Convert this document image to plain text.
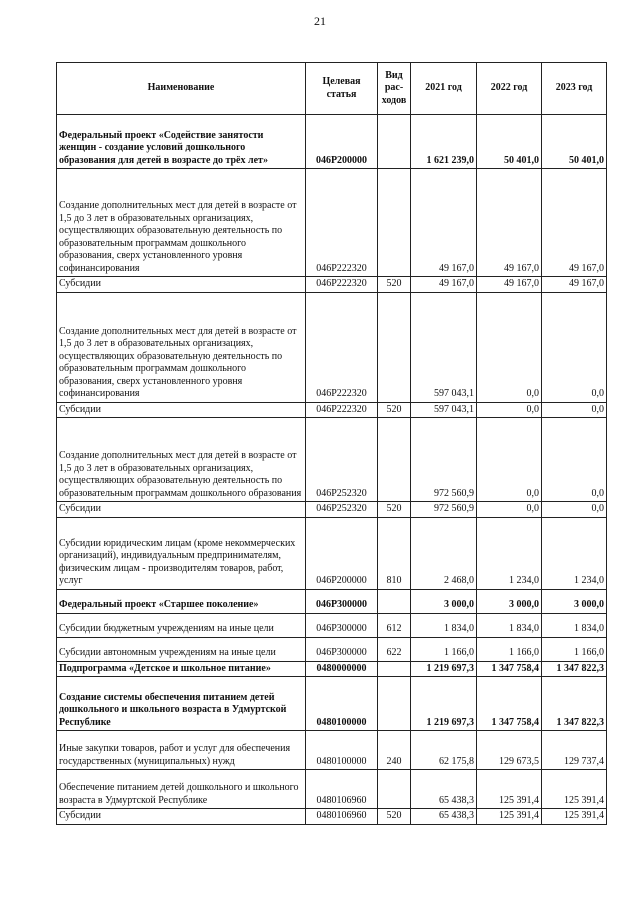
21
Наименование	Целевая статья	Вид рас-ходов	2021 год	2022 год	2023 год
Федеральный проект «Содействие занятости женщин - создание условий дошкольного образования для детей в возрасте до трёх лет»	046P200000		1 621 239,0	50 401,0	50 401,0
Создание дополнительных мест для детей в возрасте от 1,5 до 3 лет в образовательных организациях, осуществляющих образовательную деятельность по образовательным программам дошкольного образования, сверх установленного уровня софинансирования	046P222320		49 167,0	49 167,0	49 167,0
Субсидии	046P222320	520	49 167,0	49 167,0	49 167,0
Создание дополнительных мест для детей в возрасте от 1,5 до 3 лет в образовательных организациях, осуществляющих образовательную деятельность по образовательным программам дошкольного образования, сверх установленного уровня софинансирования	046P222320		597 043,1	0,0	0,0
Субсидии	046P222320	520	597 043,1	0,0	0,0
Создание дополнительных мест для детей в возрасте от 1,5 до 3 лет в образовательных организациях, осуществляющих образовательную деятельность по образовательным программам дошкольного образования	046P252320		972 560,9	0,0	0,0
Субсидии	046P252320	520	972 560,9	0,0	0,0
Субсидии юридическим лицам (кроме некоммерческих организаций), индивидуальным предпринимателям, физическим лицам - производителям товаров, работ, услуг	046P200000	810	2 468,0	1 234,0	1 234,0
Федеральный проект «Старшее поколение»	046P300000		3 000,0	3 000,0	3 000,0
Субсидии бюджетным учреждениям на иные цели	046P300000	612	1 834,0	1 834,0	1 834,0
Субсидии автономным учреждениям на иные цели	046P300000	622	1 166,0	1 166,0	1 166,0
Подпрограмма «Детское и школьное питание»	0480000000		1 219 697,3	1 347 758,4	1 347 822,3
Создание системы обеспечения питанием детей дошкольного и школьного возраста в Удмуртской Республике	0480100000		1 219 697,3	1 347 758,4	1 347 822,3
Иные закупки товаров, работ и услуг для обеспечения государственных (муниципальных) нужд	0480100000	240	62 175,8	129 673,5	129 737,4
Обеспечение питанием детей дошкольного и школьного возраста в Удмуртской Республике	0480106960		65 438,3	125 391,4	125 391,4
Субсидии	0480106960	520	65 438,3	125 391,4	125 391,4
